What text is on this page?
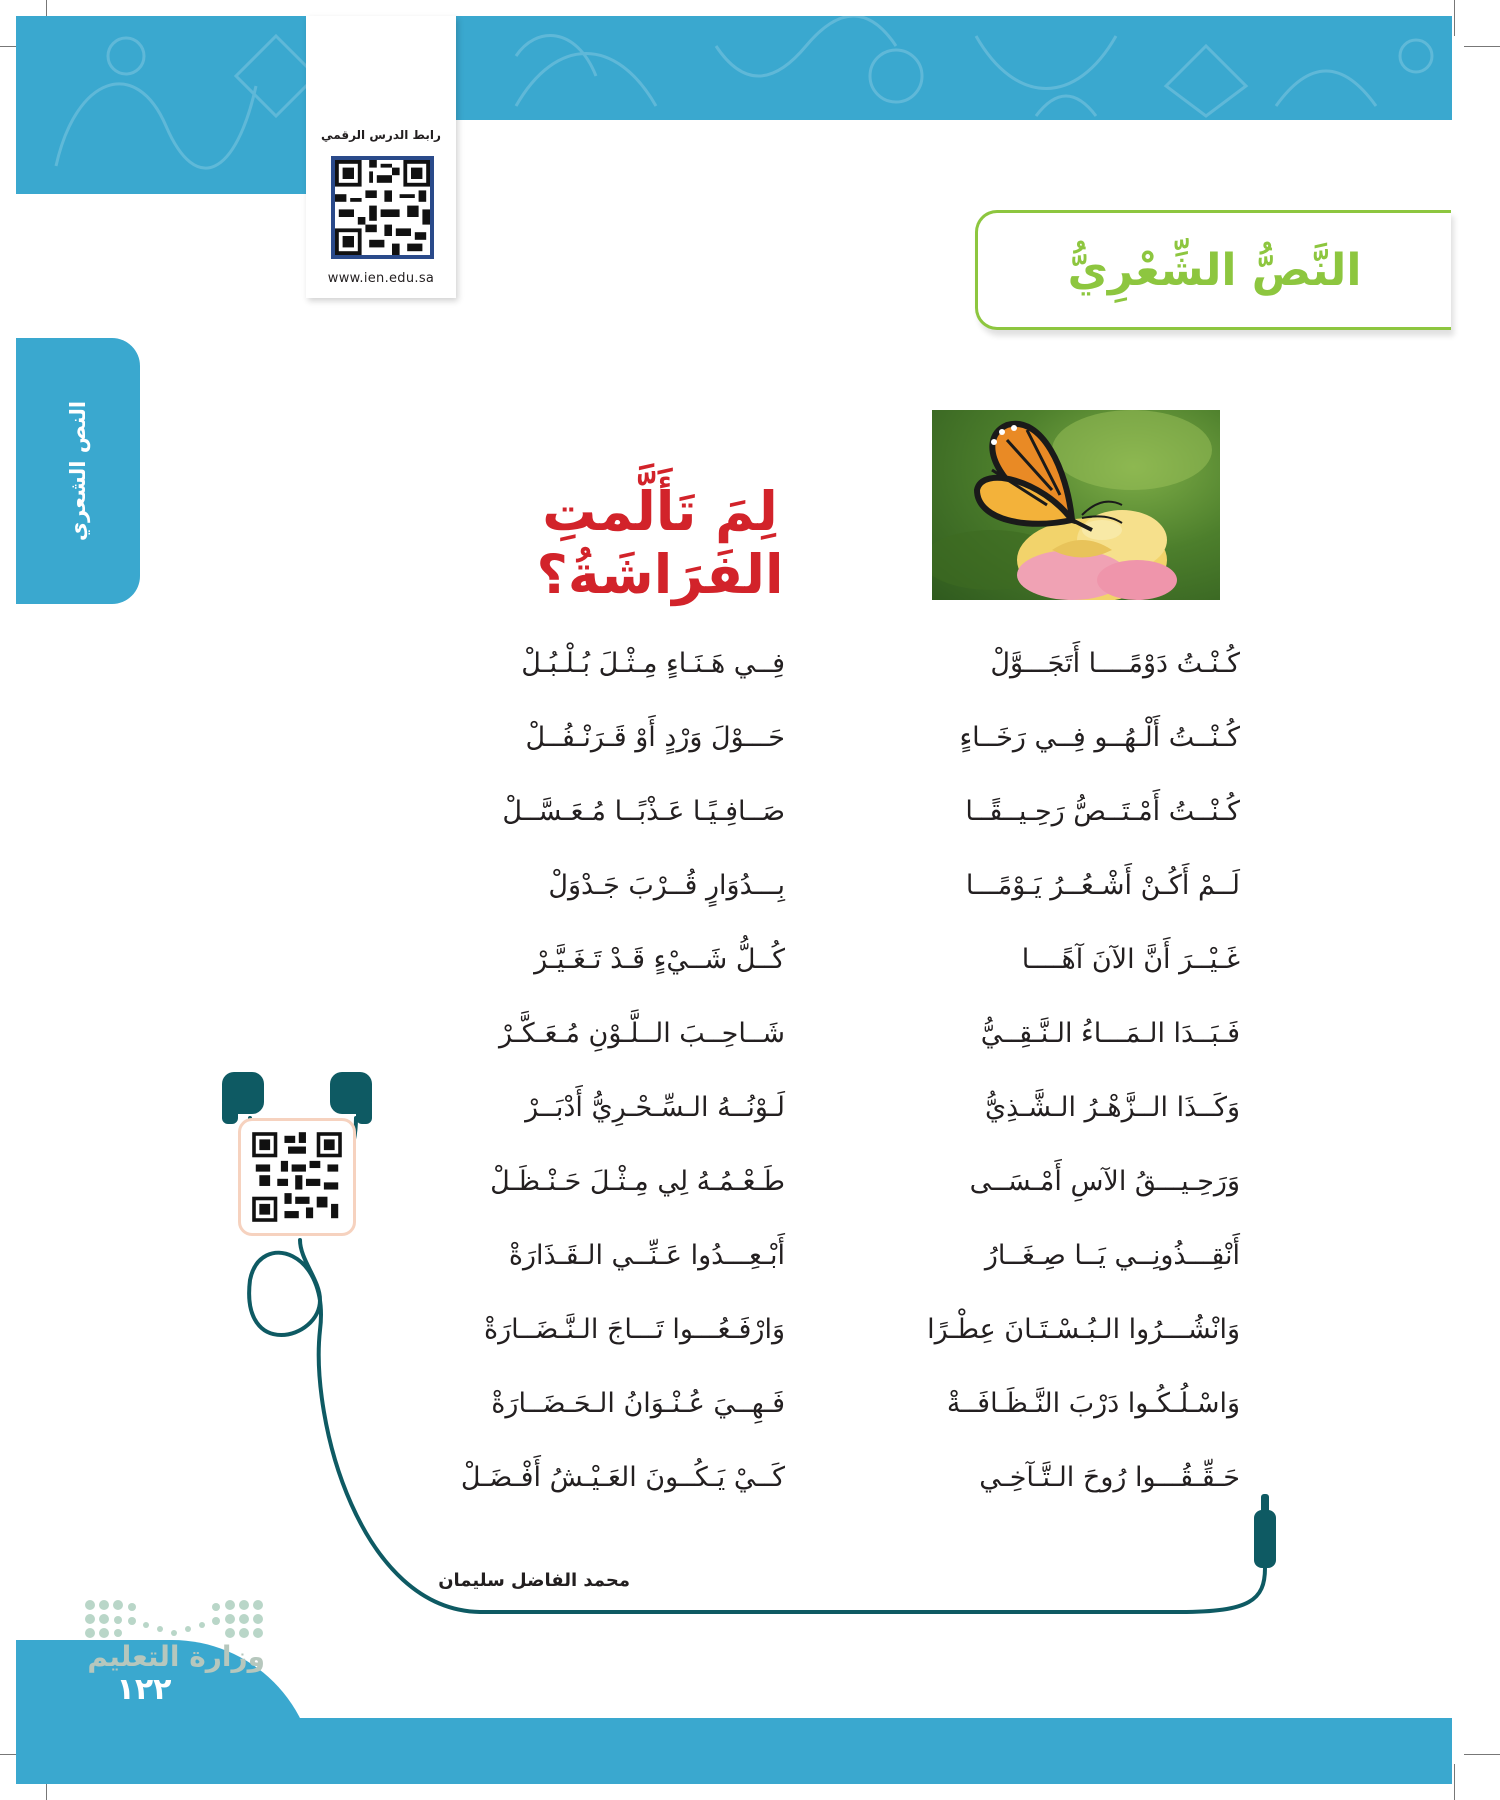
رابط الدرس الرقمي
www.ien.edu.sa	النَّصُّ الشِّعْرِيُّ
النص الشعري	لِمَ تَأَلَّمتِ الفَرَاشَةُ؟
كُـنْـتُ دَوْمًــــا أَتَجَـــوَّلْ
فِــي هَـنَـاءٍ مِـثْـلَ بُـلْـبُـلْ
كُـنْــتُ أَلْـهُــو فِــي رَخَــاءٍ
حَـــوْلَ وَرْدٍ أَوْ قَـرَنْـفُــلْ
كُـنْــتُ أَمْـتَــصُّ رَحِـيــقًــا
صَــافِـيًـا عَـذْبًــا مُـعَـسَّــلْ
لَــمْ أَكُـنْ أَشْـعُــرُ يَـوْمًـــا
بِـــدُوَارٍ قُــرْبَ جَـدْوَلْ
غَـيْــرَ أَنَّ الآنَ آهًــــا
كُــلُّ شَــيْءٍ قَـدْ تَـغَـيَّـرْ
فَـبَــدَا الـمَـــاءُ الـنَّـقِــيُّ
شَــاحِــبَ الــلَّـوْنِ مُـعَـكَّـرْ
وَكَــذَا الــزَّهْـرُ الـشَّـذِيُّ
لَـوْنُــهُ الـسِّـحْـرِيُّ أَدْبَــرْ
وَرَحِـيـــقُ الآسِ أَمْـسَــى
طَـعْـمُـهُ لِي مِـثْـلَ حَـنْـظَـلْ
أَنْقِـــذُونِــي يَــا صِـغَــارُ
أَبْـعِـــدُوا عَـنِّــي الـقَـذَارَةْ
وَانْشُـــرُوا الـبُـسْـتَـانَ عِطْـرًا
وَارْفَـعُـــوا تَـــاجَ الـنَّـضَــارَةْ
وَاسْـلُـكُـوا دَرْبَ النَّـظَـافَــةْ
فَـهِــيَ عُـنْـوَانُ الـحَـضَــارَةْ
حَـقِّـقُـــوا رُوحَ الـتَّـآخِـي
كَــيْ يَـكُــونَ العَـيْـشُ أَفْـضَـلْ
محمد الفاضل سليمان
وزارة التعليم
١٢٢
